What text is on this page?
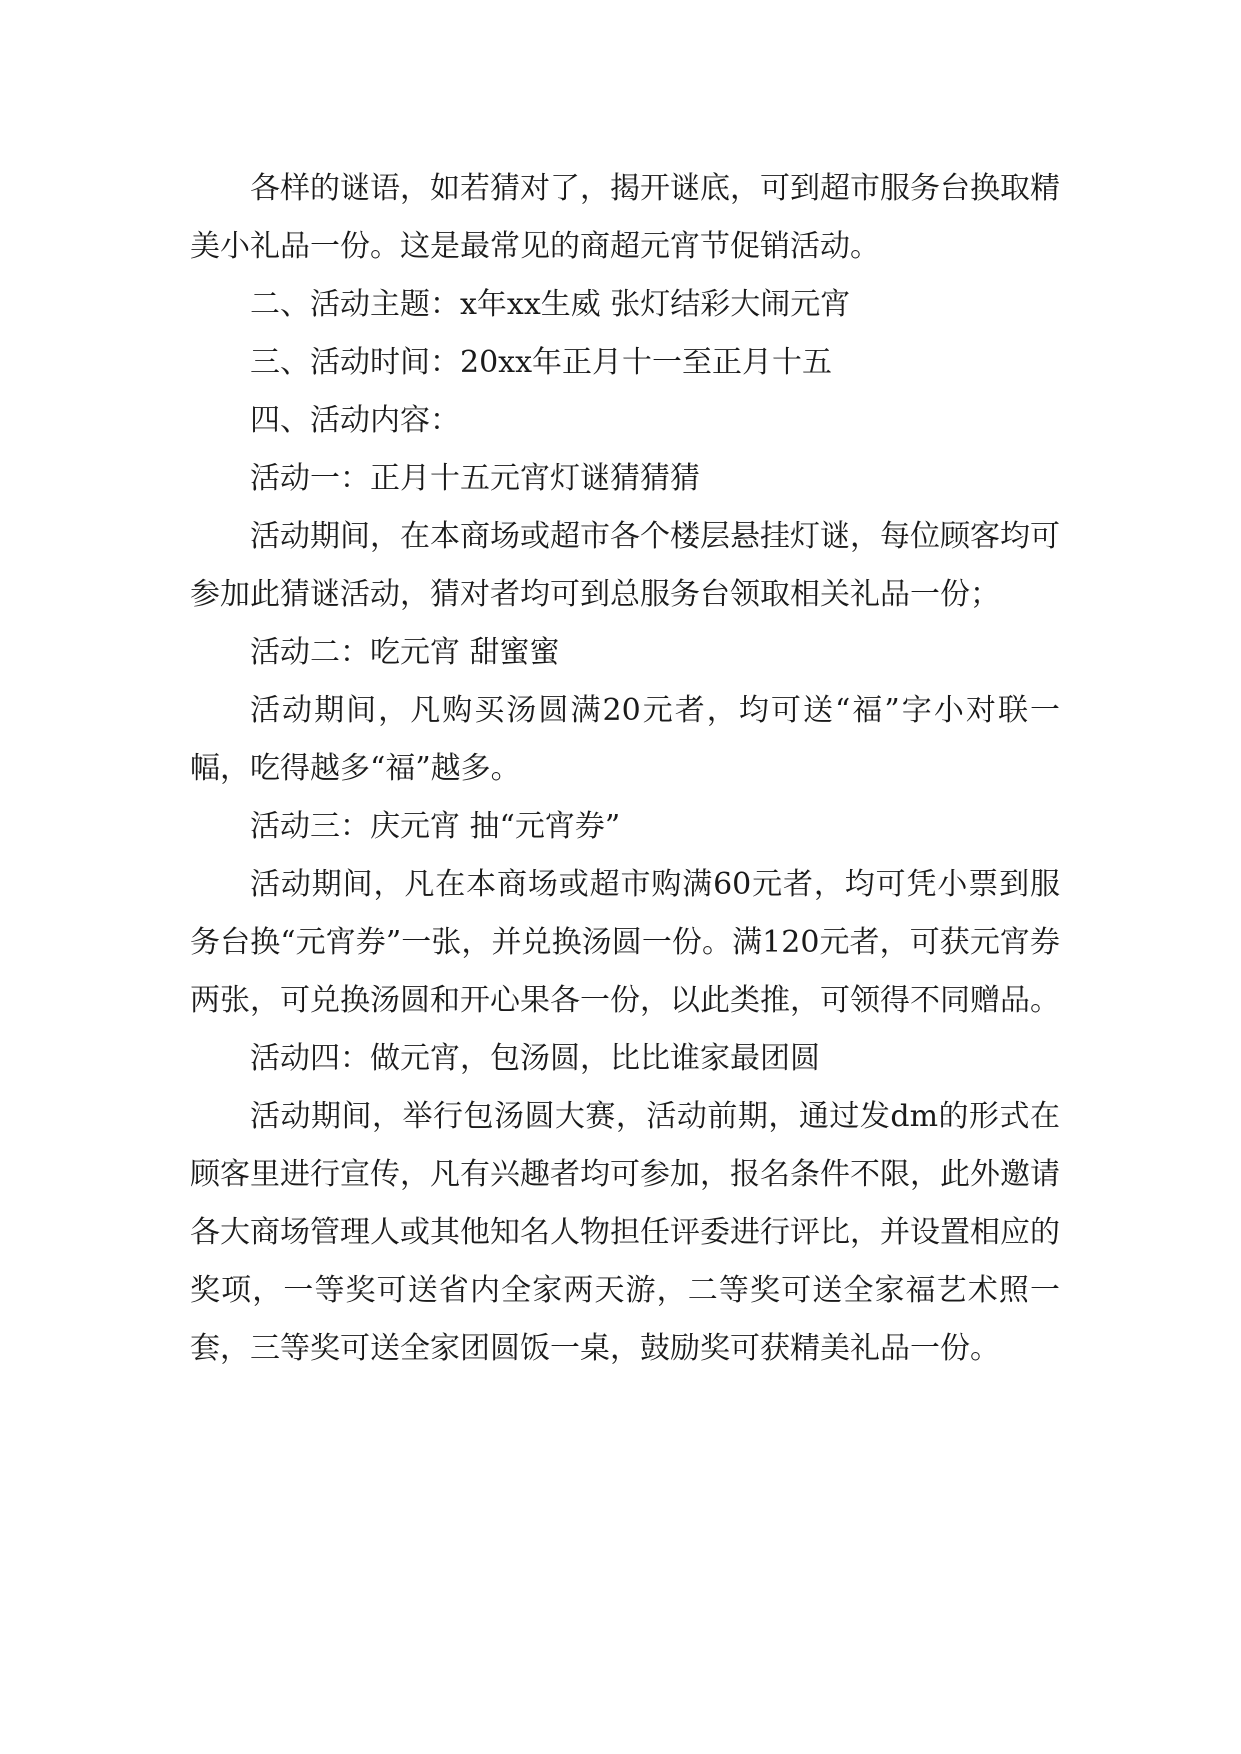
各样的谜语，如若猜对了，揭开谜底，可到超市服务台换取精美小礼品一份。这是最常见的商超元宵节促销活动。

二、活动主题：x年xx生威 张灯结彩大闹元宵

三、活动时间：20xx年正月十一至正月十五

四、活动内容：

活动一：正月十五元宵灯谜猜猜猜

活动期间，在本商场或超市各个楼层悬挂灯谜，每位顾客均可参加此猜谜活动，猜对者均可到总服务台领取相关礼品一份；

活动二：吃元宵 甜蜜蜜

活动期间，凡购买汤圆满20元者，均可送“福”字小对联一幅，吃得越多“福”越多。

活动三：庆元宵 抽“元宵券”

活动期间，凡在本商场或超市购满60元者，均可凭小票到服务台换“元宵券”一张，并兑换汤圆一份。满120元者，可获元宵券两张，可兑换汤圆和开心果各一份，以此类推，可领得不同赠品。

活动四：做元宵，包汤圆，比比谁家最团圆

活动期间，举行包汤圆大赛，活动前期，通过发dm的形式在顾客里进行宣传，凡有兴趣者均可参加，报名条件不限，此外邀请各大商场管理人或其他知名人物担任评委进行评比，并设置相应的奖项，一等奖可送省内全家两天游，二等奖可送全家福艺术照一套，三等奖可送全家团圆饭一桌，鼓励奖可获精美礼品一份。
